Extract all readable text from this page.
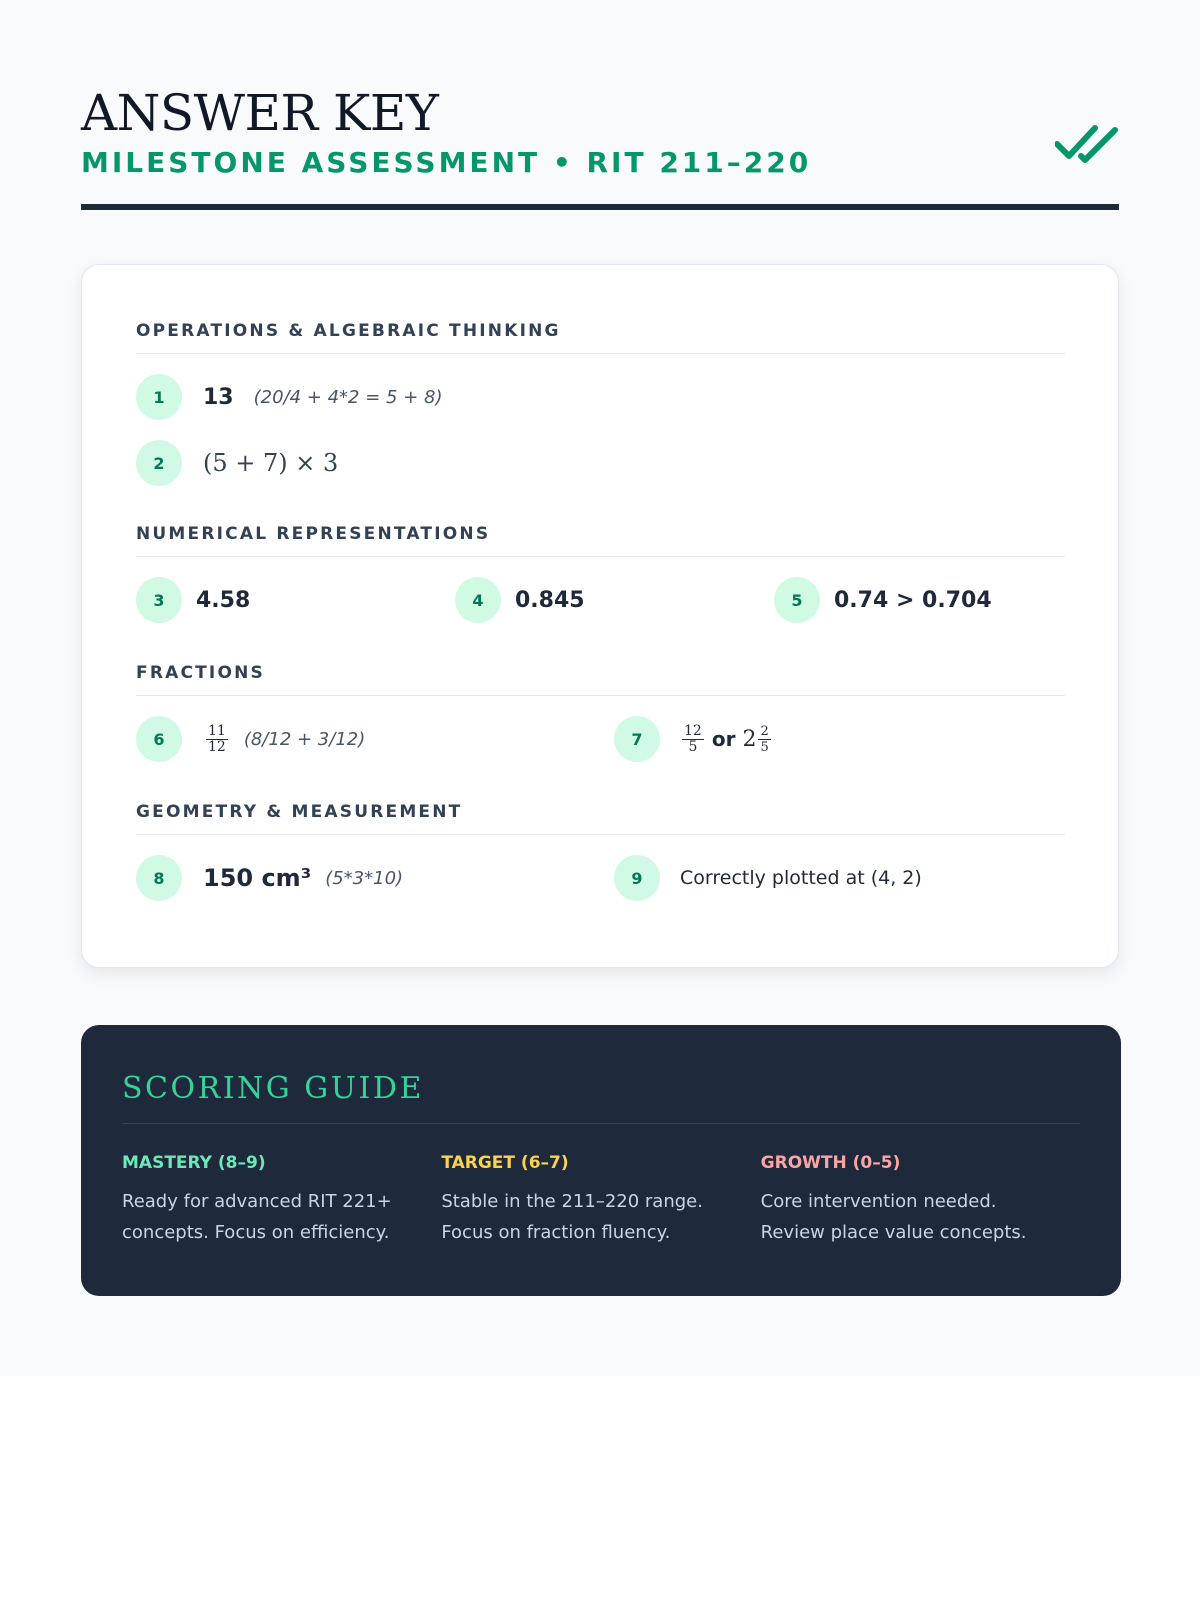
ANSWER KEY
MILESTONE ASSESSMENT • RIT 211–220
OPERATIONS & ALGEBRAIC THINKING
1	13 (20/4 + 4*2 = 5 + 8)
2	(5 + 7) × 3
NUMERICAL REPRESENTATIONS
3	4.58	4	0.845	5	0.74 > 0.704
FRACTIONS
6	$\frac{11}{12} (8/12 + 3/12)$	7	$\frac{12}{5}$ or $2 \frac{2}{5}$
GEOMETRY & MEASUREMENT
8	150 cm³ (5*3*10)	9	Correctly plotted at (4, 2)
SCORING GUIDE
MASTERY (8–9)
Ready for advanced RIT 221+ concepts. Focus on efficiency.
TARGET (6–7)
Stable in the 211–220 range. Focus on fraction fluency.
GROWTH (0–5)
Core intervention needed. Review place value concepts.
